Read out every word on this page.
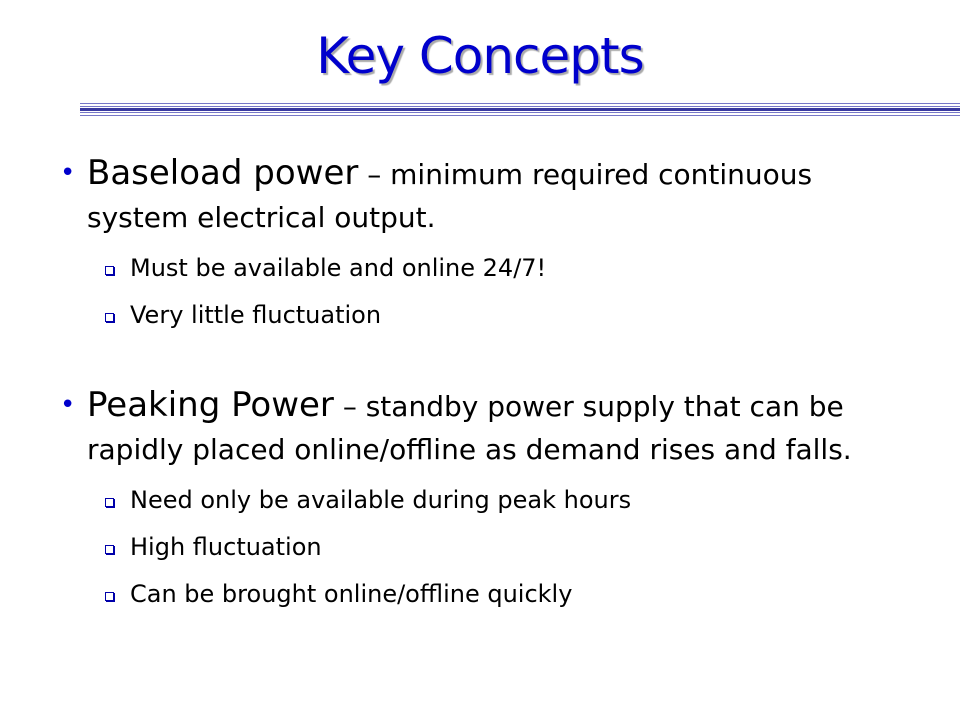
Key Concepts
• Baseload power – minimum required continuous system electrical output.
Must be available and online 24/7!
Very little fluctuation
• Peaking Power – standby power supply that can be rapidly placed online/offline as demand rises and falls.
Need only be available during peak hours
High fluctuation
Can be brought online/offline quickly
